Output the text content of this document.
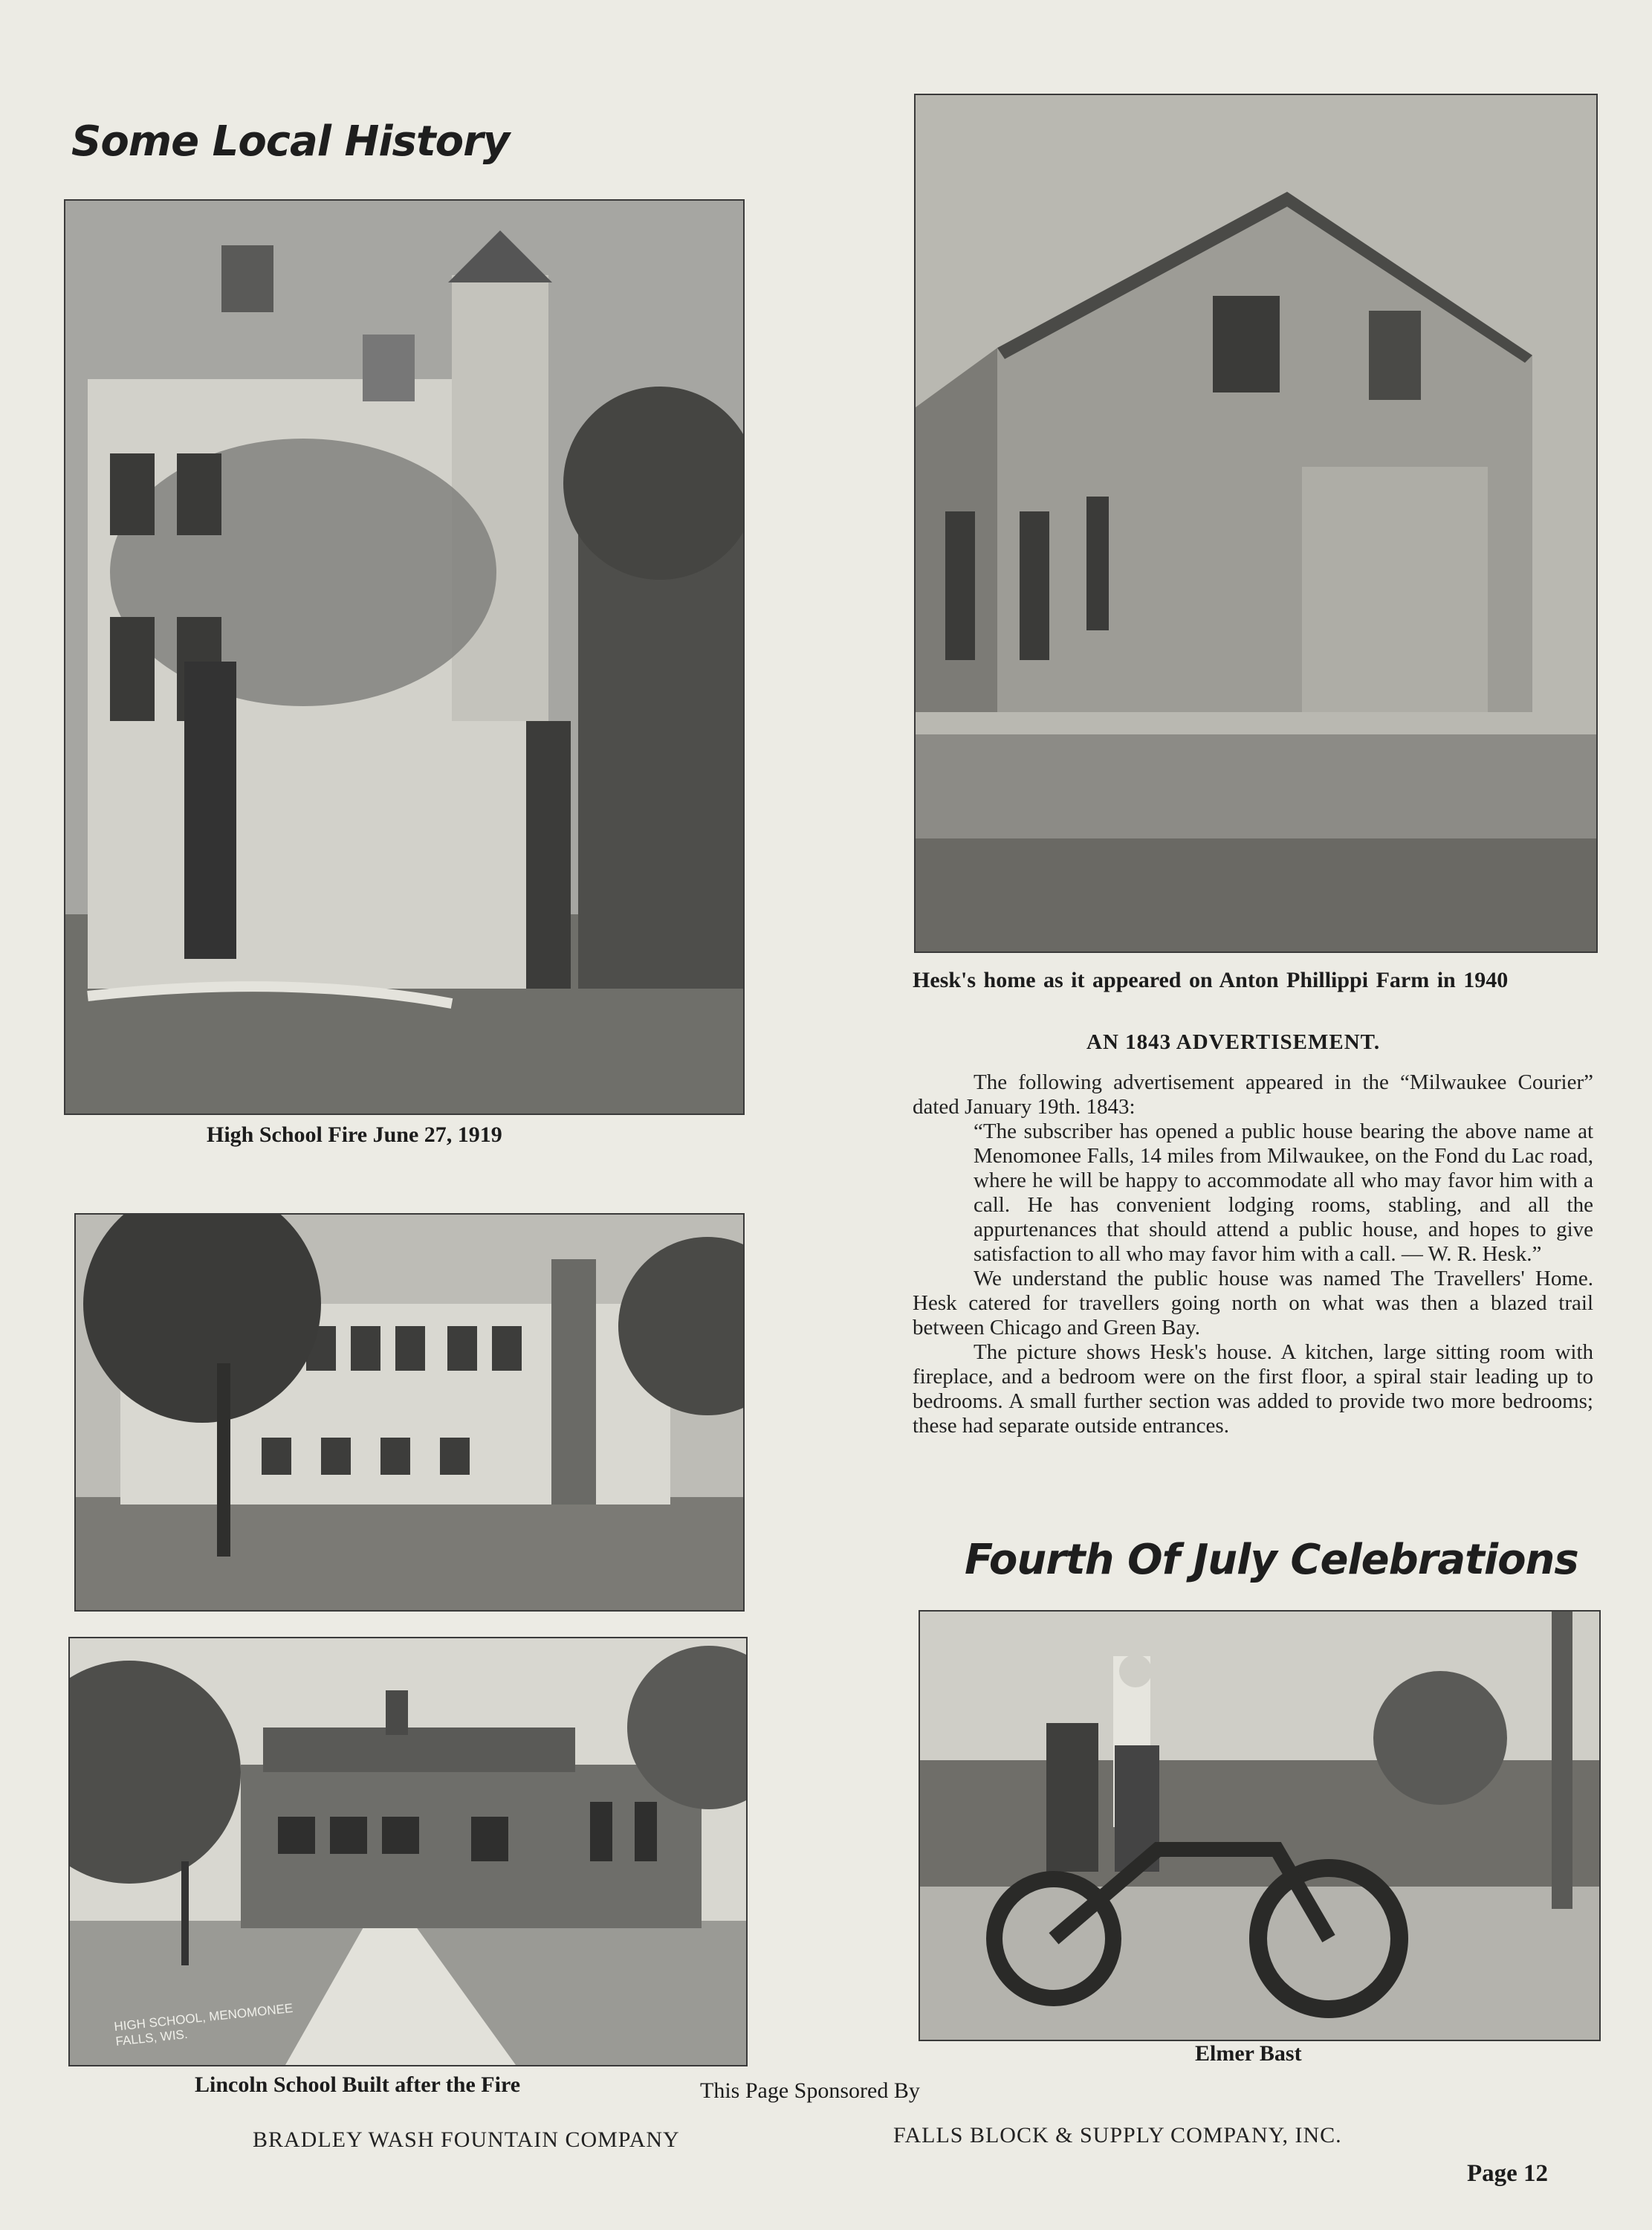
Some Local History
High School Fire June 27, 1919
HIGH SCHOOL, MENOMONEE FALLS, WIS.
Lincoln School Built after the Fire
Hesk's home as it appeared on Anton Phillippi Farm in 1940
AN 1843 ADVERTISEMENT.

The following advertisement appeared in the “Milwaukee Courier” dated January 19th. 1843:

“The subscriber has opened a public house bearing the above name at Menomonee Falls, 14 miles from Milwaukee, on the Fond du Lac road, where he will be happy to accommodate all who may favor him with a call. He has convenient lodging rooms, stabling, and all the appurtenances that should attend a public house, and hopes to give satisfaction to all who may favor him with a call. — W. R. Hesk.”

We understand the public house was named The Travellers' Home. Hesk catered for travellers going north on what was then a blazed trail between Chicago and Green Bay.

The picture shows Hesk's house. A kitchen, large sitting room with fireplace, and a bedroom were on the first floor, a spiral stair leading up to bedrooms. A small further section was added to provide two more bedrooms; these had separate outside entrances.

Fourth Of July Celebrations
Elmer Bast
This Page Sponsored By
BRADLEY WASH FOUNTAIN COMPANY	FALLS BLOCK & SUPPLY COMPANY, INC.
Page 12
